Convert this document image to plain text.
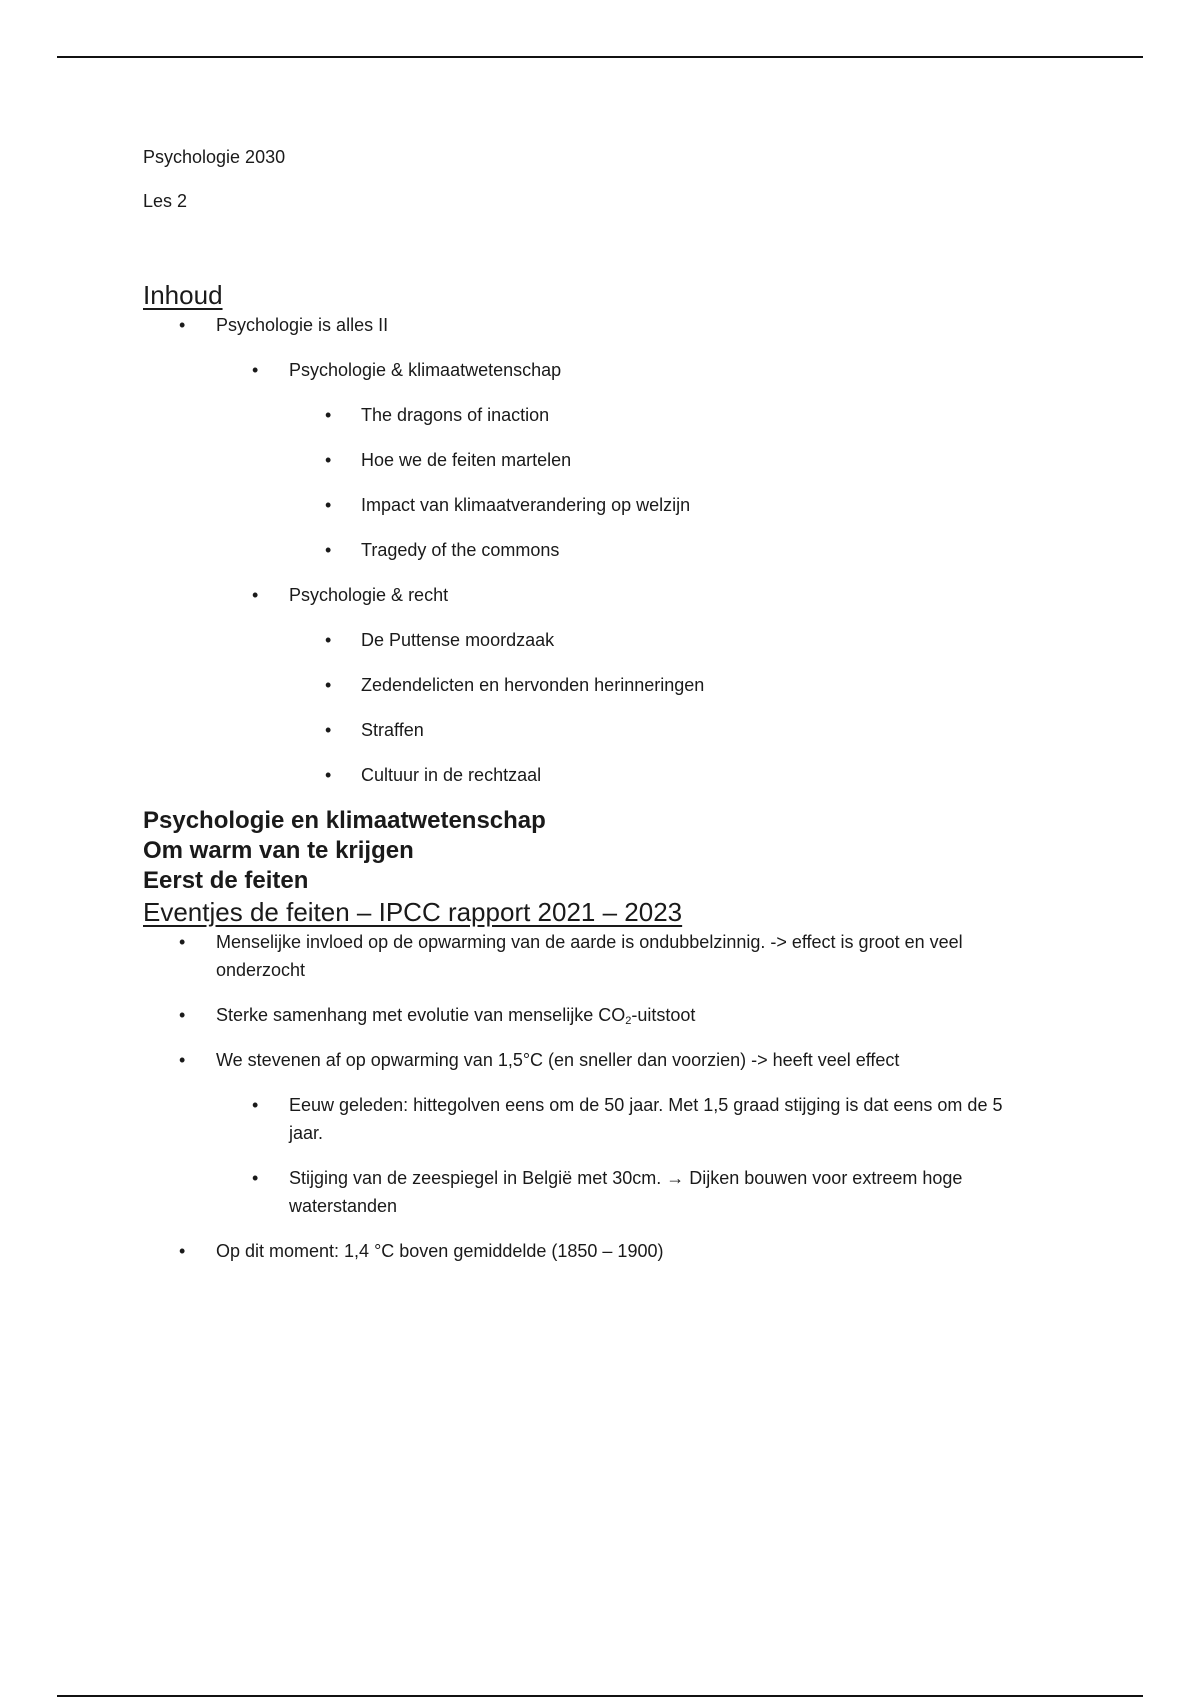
Psychologie 2030

Les 2

Inhoud
• Psychologie is alles II
• Psychologie & klimaatwetenschap
• The dragons of inaction
• Hoe we de feiten martelen
• Impact van klimaatverandering op welzijn
• Tragedy of the commons
• Psychologie & recht
• De Puttense moordzaak
• Zedendelicten en hervonden herinneringen
• Straffen
• Cultuur in de rechtzaal
Psychologie en klimaatwetenschap
Om warm van te krijgen
Eerst de feiten
Eventjes de feiten – IPCC rapport 2021 – 2023
• Menselijke invloed op de opwarming van de aarde is ondubbelzinnig. -> effect is groot en veel onderzocht
• Sterke samenhang met evolutie van menselijke $CO_2$-uitstoot
• We stevenen af op opwarming van 1,5°C (en sneller dan voorzien) -> heeft veel effect
• Eeuw geleden: hittegolven eens om de 50 jaar. Met 1,5 graad stijging is dat eens om de 5 jaar.
• Stijging van de zeespiegel in België met 30cm. → Dijken bouwen voor extreem hoge waterstanden
• Op dit moment: 1,4 °C boven gemiddelde (1850 – 1900)
